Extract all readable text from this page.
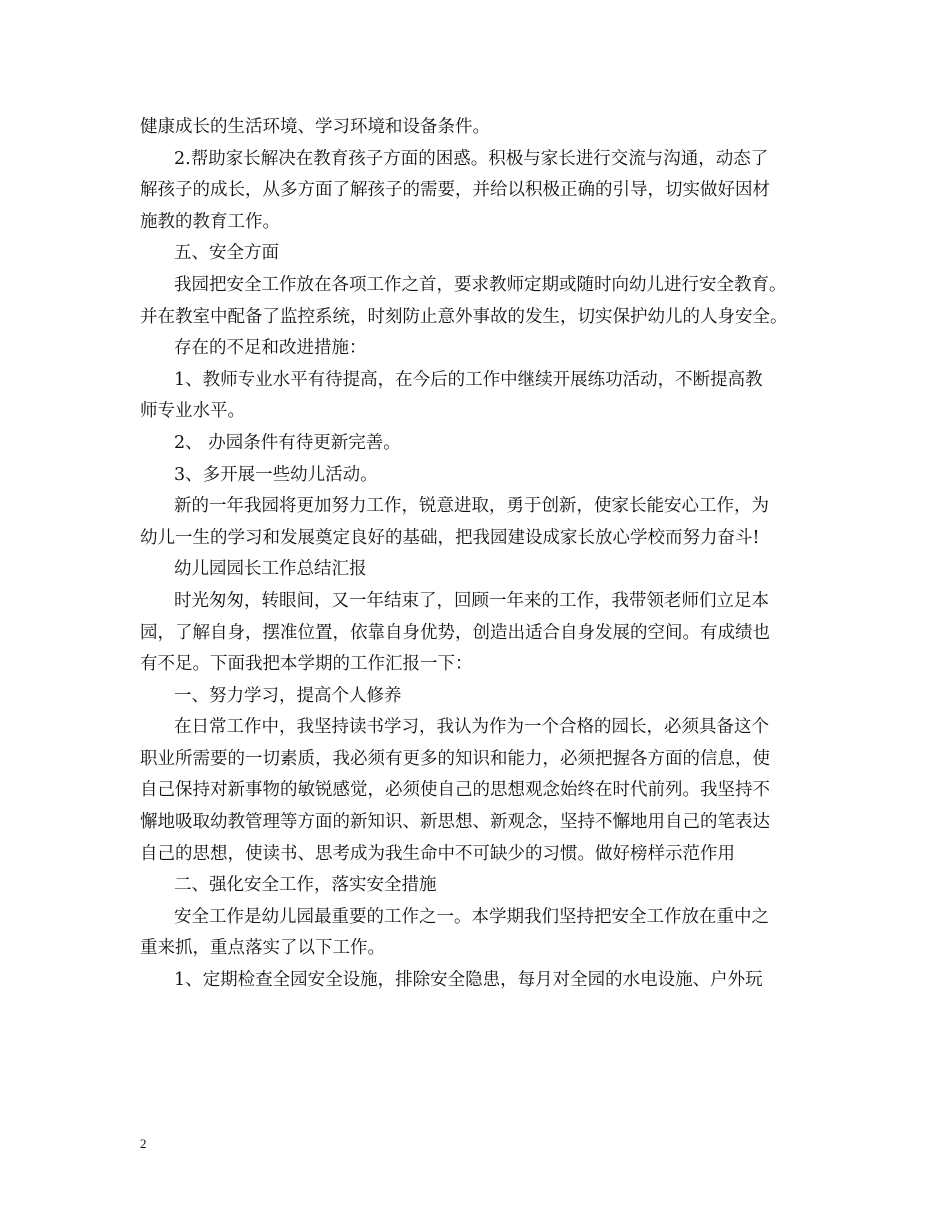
健康成长的生活环境、学习环境和设备条件。
2.帮助家长解决在教育孩子方面的困惑。积极与家长进行交流与沟通，动态了
解孩子的成长，从多方面了解孩子的需要，并给以积极正确的引导，切实做好因材
施教的教育工作。
五、安全方面
我园把安全工作放在各项工作之首，要求教师定期或随时向幼儿进行安全教育。
并在教室中配备了监控系统，时刻防止意外事故的发生，切实保护幼儿的人身安全。
存在的不足和改进措施：
1、教师专业水平有待提高，在今后的工作中继续开展练功活动，不断提高教
师专业水平。
2、 办园条件有待更新完善。
3、多开展一些幼儿活动。
新的一年我园将更加努力工作，锐意进取，勇于创新，使家长能安心工作，为
幼儿一生的学习和发展奠定良好的基础，把我园建设成家长放心学校而努力奋斗!
幼儿园园长工作总结汇报
时光匆匆，转眼间，又一年结束了，回顾一年来的工作，我带领老师们立足本
园，了解自身，摆准位置，依靠自身优势，创造出适合自身发展的空间。有成绩也
有不足。下面我把本学期的工作汇报一下：
一、努力学习，提高个人修养
在日常工作中，我坚持读书学习，我认为作为一个合格的园长，必须具备这个
职业所需要的一切素质，我必须有更多的知识和能力，必须把握各方面的信息，使
自己保持对新事物的敏锐感觉，必须使自己的思想观念始终在时代前列。我坚持不
懈地吸取幼教管理等方面的新知识、新思想、新观念，坚持不懈地用自己的笔表达
自己的思想，使读书、思考成为我生命中不可缺少的习惯。做好榜样示范作用
二、强化安全工作，落实安全措施
安全工作是幼儿园最重要的工作之一。本学期我们坚持把安全工作放在重中之
重来抓，重点落实了以下工作。
1、定期检查全园安全设施，排除安全隐患，每月对全园的水电设施、户外玩
2
